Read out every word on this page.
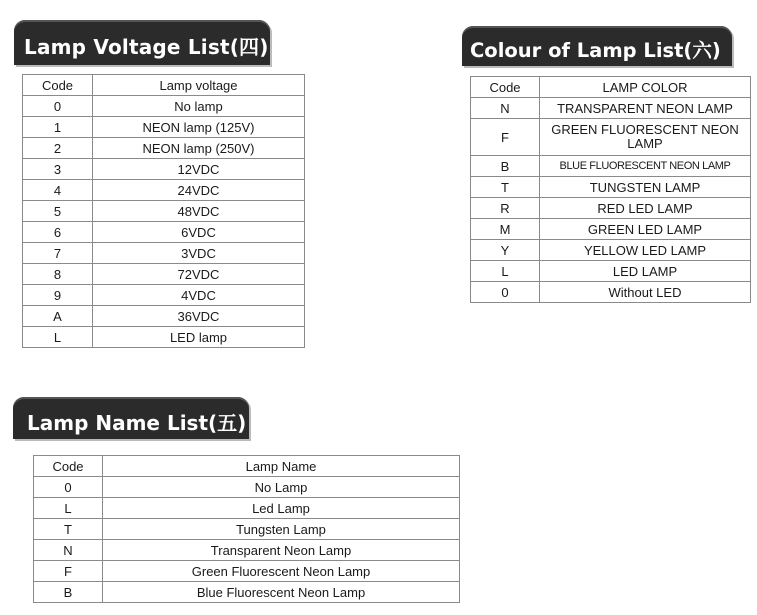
Lamp Voltage List(四)	Colour of Lamp List(六)
Lamp Name List(五)
Code	Lamp voltage
0	No lamp
1	NEON lamp (125V)
2	NEON lamp (250V)
3	12VDC
4	24VDC
5	48VDC
6	6VDC
7	3VDC
8	72VDC
9	4VDC
A	36VDC
L	LED lamp
Code	LAMP COLOR
N	TRANSPARENT NEON LAMP
F	GREEN FLUORESCENT NEON LAMP
B	BLUE FLUORESCENT NEON LAMP
T	TUNGSTEN LAMP
R	RED LED LAMP
M	GREEN LED LAMP
Y	YELLOW LED LAMP
L	LED LAMP
0	Without LED
Code	Lamp Name
0	No Lamp
L	Led Lamp
T	Tungsten Lamp
N	Transparent Neon Lamp
F	Green Fluorescent Neon Lamp
B	Blue Fluorescent Neon Lamp
